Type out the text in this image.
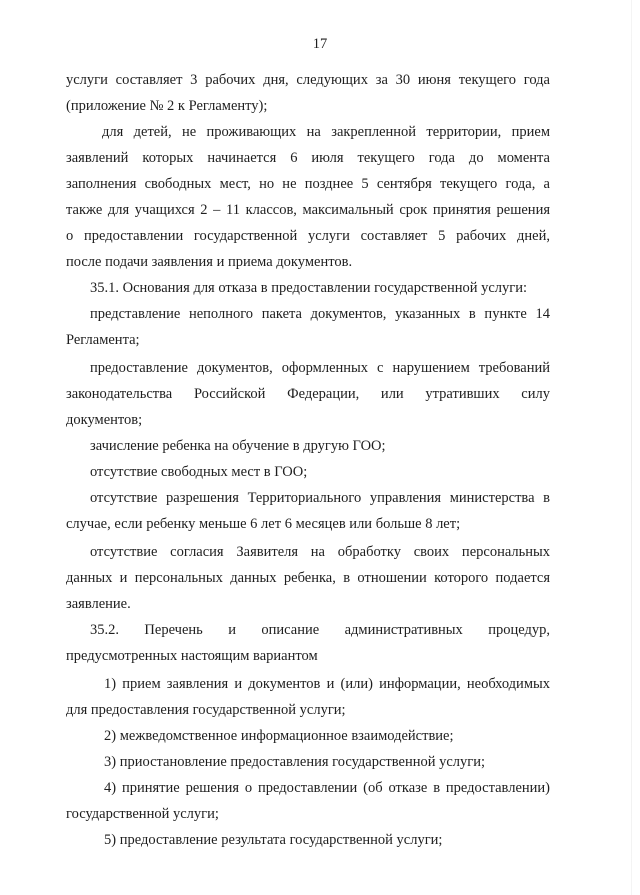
17
услуги составляет 3 рабочих дня, следующих за 30 июня текущего года
(приложение № 2 к Регламенту);
для детей, не проживающих на закрепленной территории, прием
заявлений которых начинается 6 июля текущего года до момента
заполнения свободных мест, но не позднее 5 сентября текущего года, а
также для учащихся 2 – 11 классов, максимальный срок принятия решения
о предоставлении государственной услуги составляет 5 рабочих дней,
после подачи заявления и приема документов.
35.1. Основания для отказа в предоставлении государственной услуги:
представление неполного пакета документов, указанных в пункте 14
Регламента;
предоставление документов, оформленных с нарушением требований
законодательства Российской Федерации, или утративших силу
документов;
зачисление ребенка на обучение в другую ГОО;
отсутствие свободных мест в ГОО;
отсутствие разрешения Территориального управления министерства в
случае, если ребенку меньше 6 лет 6 месяцев или больше 8 лет;
отсутствие согласия Заявителя на обработку своих персональных
данных и персональных данных ребенка, в отношении которого подается
заявление.
35.2. Перечень и описание административных процедур,
предусмотренных настоящим вариантом
1) прием заявления и документов и (или) информации, необходимых
для предоставления государственной услуги;
2) межведомственное информационное взаимодействие;
3) приостановление предоставления государственной услуги;
4) принятие решения о предоставлении (об отказе в предоставлении)
государственной услуги;
5) предоставление результата государственной услуги;
